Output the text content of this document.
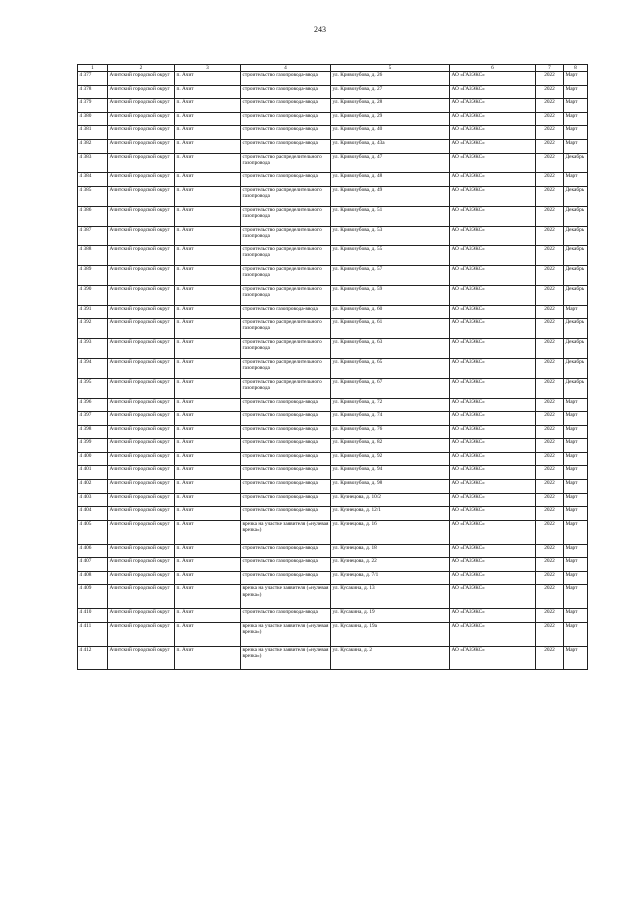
243
1	2	3	4	5	6	7	8
4 377	Ачитский городской округ	п. Ачит	строительство газопровода-ввода	ул. Кривозубова, д. 26	АО «ГАЗЭКС»	2022	Март
4 378	Ачитский городской округ	п. Ачит	строительство газопровода-ввода	ул. Кривозубова, д. 27	АО «ГАЗЭКС»	2022	Март
4 379	Ачитский городской округ	п. Ачит	строительство газопровода-ввода	ул. Кривозубова, д. 28	АО «ГАЗЭКС»	2022	Март
4 380	Ачитский городской округ	п. Ачит	строительство газопровода-ввода	ул. Кривозубова, д. 29	АО «ГАЗЭКС»	2022	Март
4 381	Ачитский городской округ	п. Ачит	строительство газопровода-ввода	ул. Кривозубова, д. 40	АО «ГАЗЭКС»	2022	Март
4 382	Ачитский городской округ	п. Ачит	строительство газопровода-ввода	ул. Кривозубова, д. 43а	АО «ГАЗЭКС»	2022	Март
4 383	Ачитский городской округ	п. Ачит	строительство распределительного газопровода	ул. Кривозубова, д. 47	АО «ГАЗЭКС»	2022	Декабрь
4 384	Ачитский городской округ	п. Ачит	строительство газопровода-ввода	ул. Кривозубова, д. 48	АО «ГАЗЭКС»	2022	Март
4 385	Ачитский городской округ	п. Ачит	строительство распределительного газопровода	ул. Кривозубова, д. 49	АО «ГАЗЭКС»	2022	Декабрь
4 386	Ачитский городской округ	п. Ачит	строительство распределительного газопровода	ул. Кривозубова, д. 51	АО «ГАЗЭКС»	2022	Декабрь
4 387	Ачитский городской округ	п. Ачит	строительство распределительного газопровода	ул. Кривозубова, д. 53	АО «ГАЗЭКС»	2022	Декабрь
4 388	Ачитский городской округ	п. Ачит	строительство распределительного газопровода	ул. Кривозубова, д. 55	АО «ГАЗЭКС»	2022	Декабрь
4 389	Ачитский городской округ	п. Ачит	строительство распределительного газопровода	ул. Кривозубова, д. 57	АО «ГАЗЭКС»	2022	Декабрь
4 390	Ачитский городской округ	п. Ачит	строительство распределительного газопровода	ул. Кривозубова, д. 59	АО «ГАЗЭКС»	2022	Декабрь
4 391	Ачитский городской округ	п. Ачит	строительство газопровода-ввода	ул. Кривозубова, д. 60	АО «ГАЗЭКС»	2022	Март
4 392	Ачитский городской округ	п. Ачит	строительство распределительного газопровода	ул. Кривозубова, д. 61	АО «ГАЗЭКС»	2022	Декабрь
4 393	Ачитский городской округ	п. Ачит	строительство распределительного газопровода	ул. Кривозубова, д. 63	АО «ГАЗЭКС»	2022	Декабрь
4 394	Ачитский городской округ	п. Ачит	строительство распределительного газопровода	ул. Кривозубова, д. 65	АО «ГАЗЭКС»	2022	Декабрь
4 395	Ачитский городской округ	п. Ачит	строительство распределительного газопровода	ул. Кривозубова, д. 67	АО «ГАЗЭКС»	2022	Декабрь
4 396	Ачитский городской округ	п. Ачит	строительство газопровода-ввода	ул. Кривозубова, д. 72	АО «ГАЗЭКС»	2022	Март
4 397	Ачитский городской округ	п. Ачит	строительство газопровода-ввода	ул. Кривозубова, д. 74	АО «ГАЗЭКС»	2022	Март
4 398	Ачитский городской округ	п. Ачит	строительство газопровода-ввода	ул. Кривозубова, д. 76	АО «ГАЗЭКС»	2022	Март
4 399	Ачитский городской округ	п. Ачит	строительство газопровода-ввода	ул. Кривозубова, д. 82	АО «ГАЗЭКС»	2022	Март
4 400	Ачитский городской округ	п. Ачит	строительство газопровода-ввода	ул. Кривозубова, д. 92	АО «ГАЗЭКС»	2022	Март
4 401	Ачитский городской округ	п. Ачит	строительство газопровода-ввода	ул. Кривозубова, д. 94	АО «ГАЗЭКС»	2022	Март
4 402	Ачитский городской округ	п. Ачит	строительство газопровода-ввода	ул. Кривозубова, д. 98	АО «ГАЗЭКС»	2022	Март
4 403	Ачитский городской округ	п. Ачит	строительство газопровода-ввода	ул. Кузнецова, д. 10/2	АО «ГАЗЭКС»	2022	Март
4 404	Ачитский городской округ	п. Ачит	строительство газопровода-ввода	ул. Кузнецова, д. 12/1	АО «ГАЗЭКС»	2022	Март
4 405	Ачитский городской округ	п. Ачит	врезка на участке заявителя («нулевая врезка»)	ул. Кузнецова, д. 16	АО «ГАЗЭКС»	2022	Март
4 406	Ачитский городской округ	п. Ачит	строительство газопровода-ввода	ул. Кузнецова, д. 18	АО «ГАЗЭКС»	2022	Март
4 407	Ачитский городской округ	п. Ачит	строительство газопровода-ввода	ул. Кузнецова, д. 22	АО «ГАЗЭКС»	2022	Март
4 408	Ачитский городской округ	п. Ачит	строительство газопровода-ввода	ул. Кузнецова, д. 7/1	АО «ГАЗЭКС»	2022	Март
4 409	Ачитский городской округ	п. Ачит	врезка на участке заявителя («нулевая врезка»)	ул. Кусакина, д. 13	АО «ГАЗЭКС»	2022	Март
4 410	Ачитский городской округ	п. Ачит	строительство газопровода-ввода	ул. Кусакина, д. 19	АО «ГАЗЭКС»	2022	Март
4 411	Ачитский городской округ	п. Ачит	врезка на участке заявителя («нулевая врезка»)	ул. Кусакина, д. 19а	АО «ГАЗЭКС»	2022	Март
4 412	Ачитский городской округ	п. Ачит	врезка на участке заявителя («нулевая врезка»)	ул. Кусакина, д. 2	АО «ГАЗЭКС»	2022	Март
